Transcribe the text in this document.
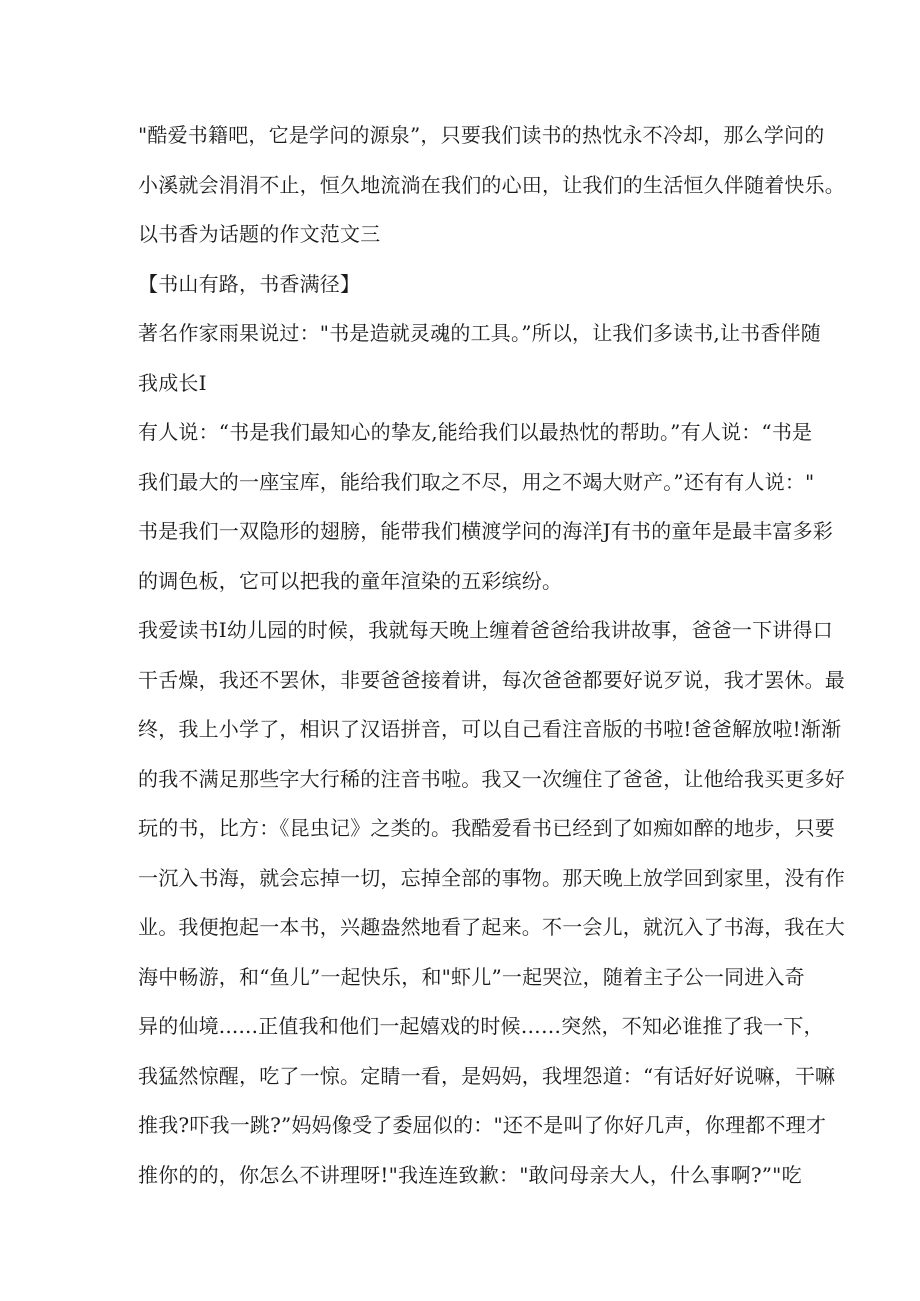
"酷爱书籍吧，它是学问的源泉”，只要我们读书的热忱永不冷却，那么学问的
小溪就会涓涓不止，恒久地流淌在我们的心田，让我们的生活恒久伴随着快乐。
以书香为话题的作文范文三
【书山有路，书香满径】
著名作家雨果说过："书是造就灵魂的工具。”所以，让我们多读书,让书香伴随
我成长I
有人说：“书是我们最知心的挚友,能给我们以最热忱的帮助。”有人说：“书是
我们最大的一座宝库，能给我们取之不尽，用之不竭大财产。”还有有人说："
书是我们一双隐形的翅膀，能带我们横渡学问的海洋J有书的童年是最丰富多彩
的调色板，它可以把我的童年渲染的五彩缤纷。
我爱读书I幼儿园的时候，我就每天晚上缠着爸爸给我讲故事，爸爸一下讲得口
干舌燥，我还不罢休，非要爸爸接着讲，每次爸爸都要好说歹说，我才罢休。最
终，我上小学了，相识了汉语拼音，可以自己看注音版的书啦!爸爸解放啦!渐渐
的我不满足那些字大行稀的注音书啦。我又一次缠住了爸爸，让他给我买更多好
玩的书，比方：《昆虫记》之类的。我酷爱看书已经到了如痴如醉的地步，只要
一沉入书海，就会忘掉一切，忘掉全部的事物。那天晚上放学回到家里，没有作
业。我便抱起一本书，兴趣盎然地看了起来。不一会儿，就沉入了书海，我在大
海中畅游，和“鱼儿”一起快乐，和"虾儿”一起哭泣，随着主子公一同进入奇
异的仙境......正值我和他们一起嬉戏的时候……突然，不知必谁推了我一下，
我猛然惊醒，吃了一惊。定睛一看，是妈妈，我埋怨道：“有话好好说嘛，干嘛
推我?吓我一跳?”妈妈像受了委屈似的："还不是叫了你好几声，你理都不理才
推你的的，你怎么不讲理呀!"我连连致歉："敢问母亲大人，什么事啊?”"吃
